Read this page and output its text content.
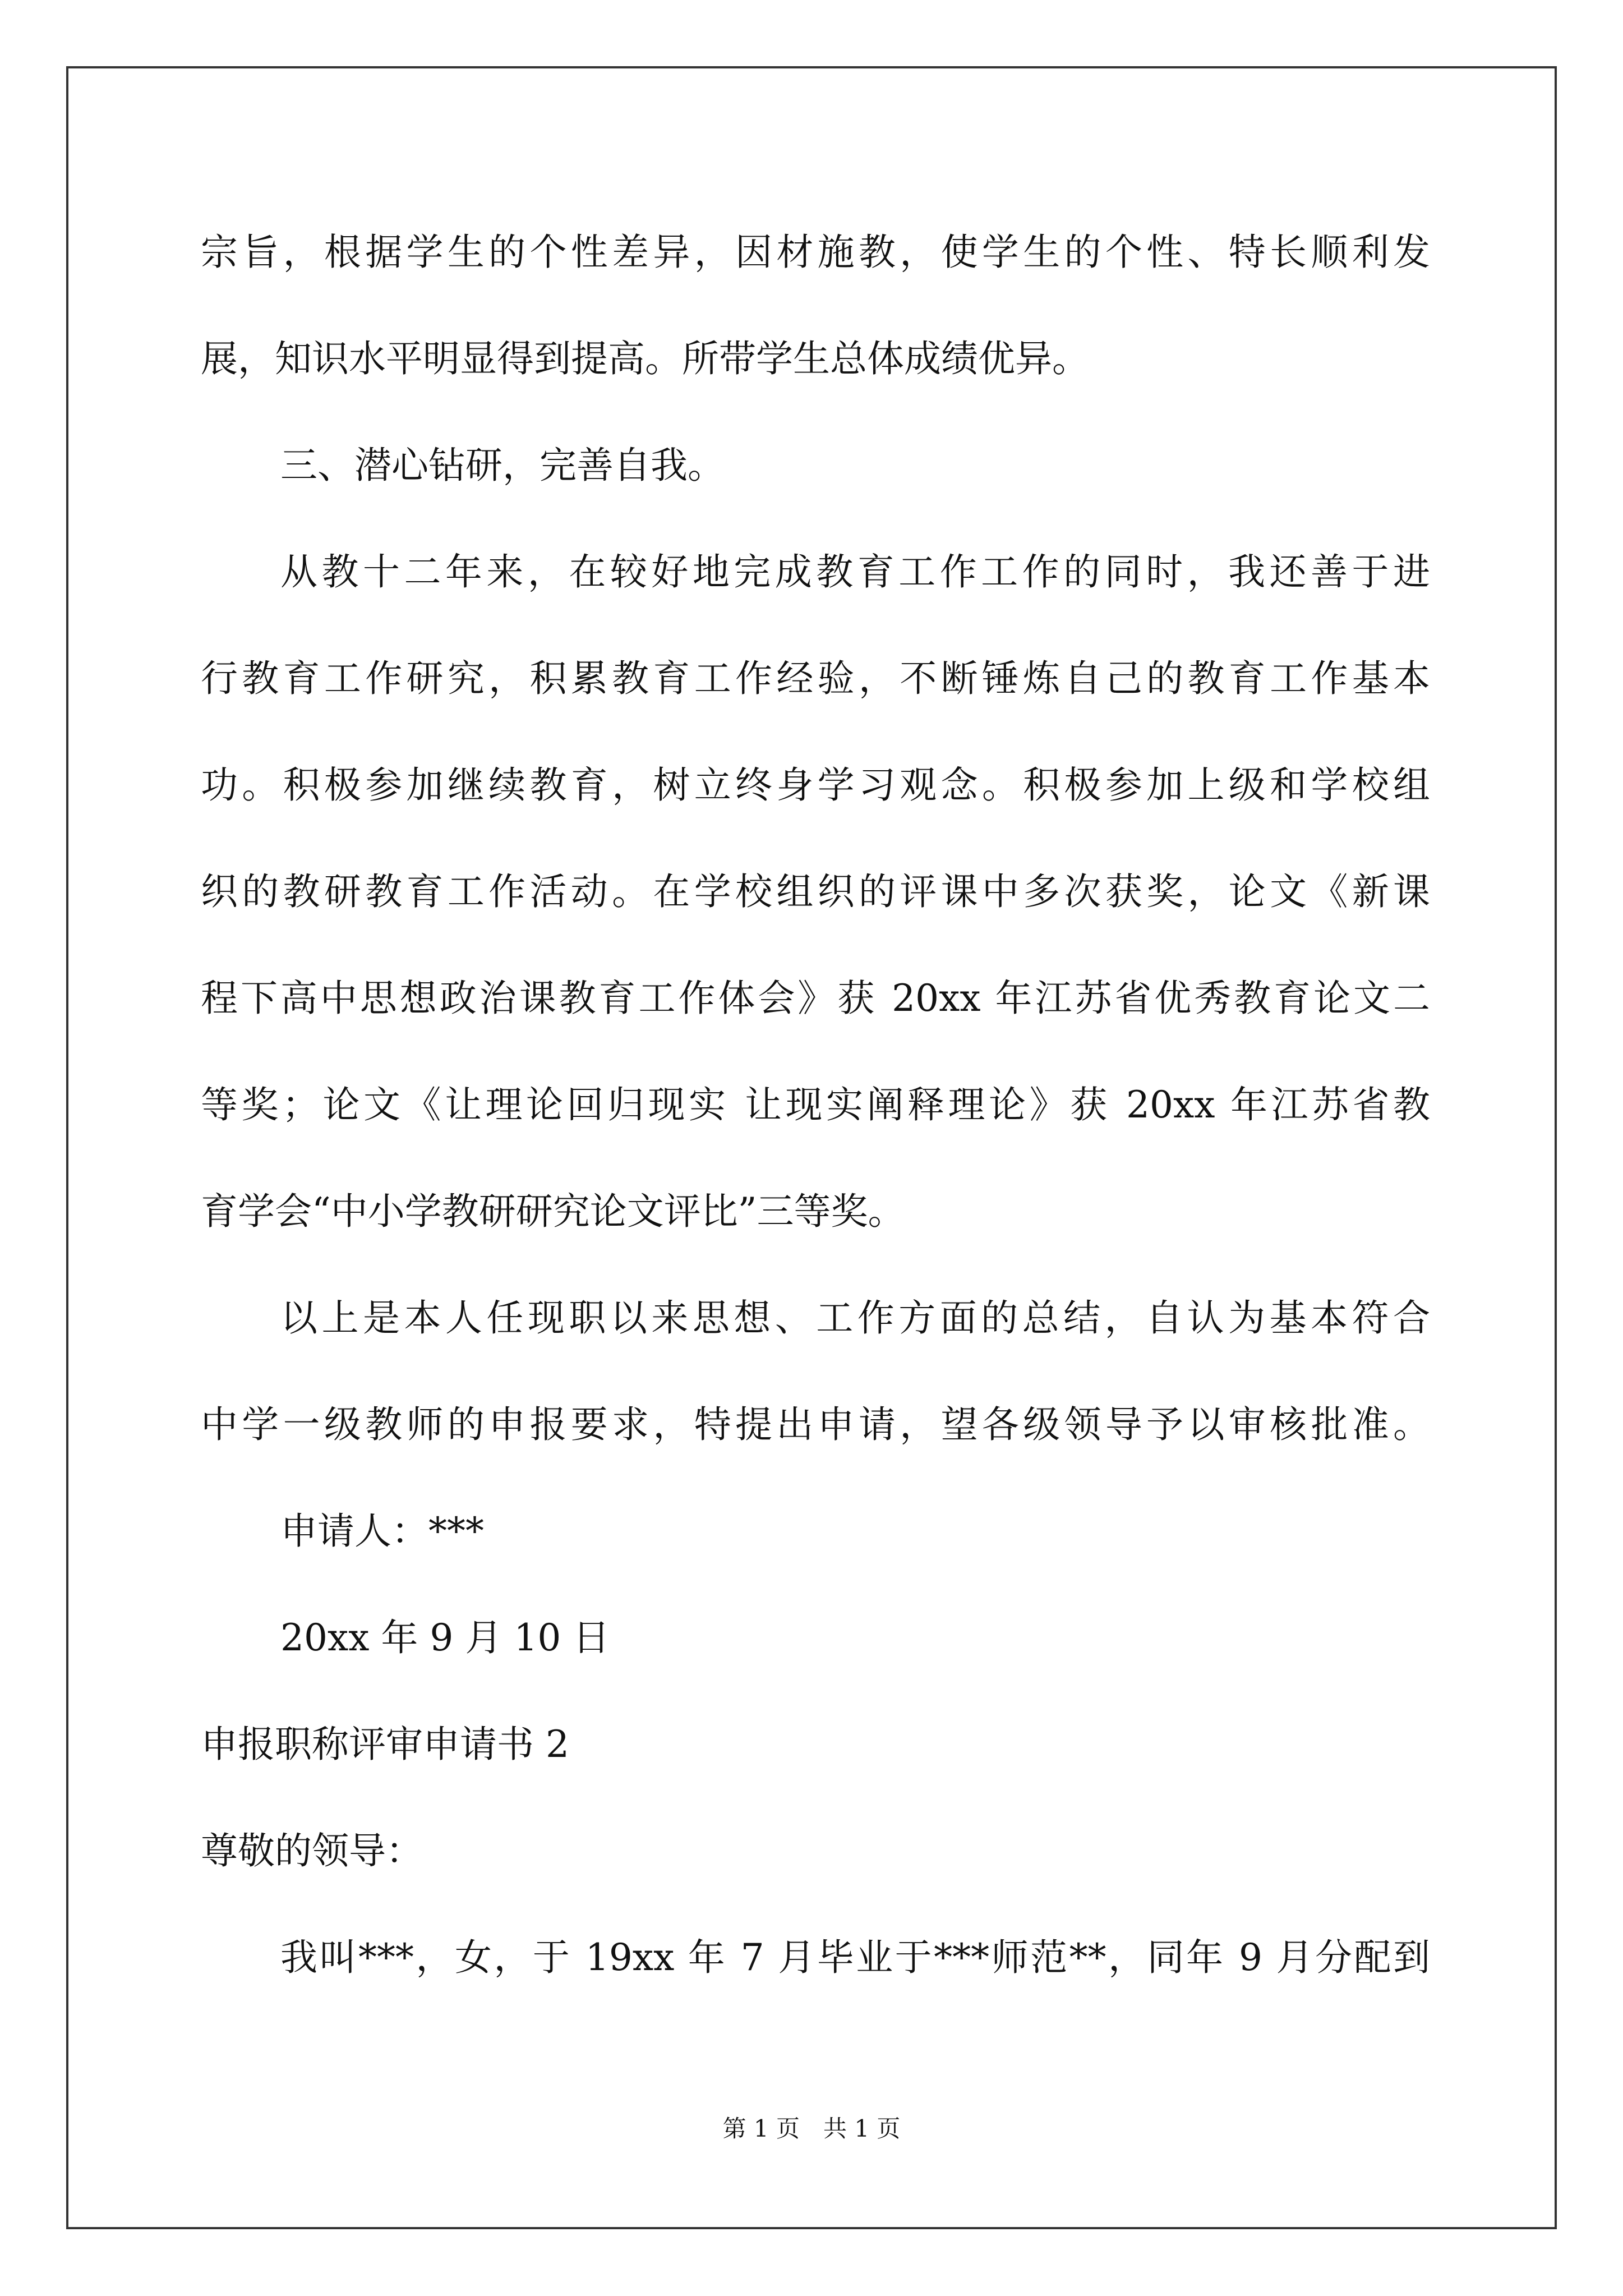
宗旨，根据学生的个性差异，因材施教，使学生的个性、特长顺利发
展，知识水平明显得到提高。所带学生总体成绩优异。
三、潜心钻研，完善自我。
从教十二年来，在较好地完成教育工作工作的同时，我还善于进
行教育工作研究，积累教育工作经验，不断锤炼自己的教育工作基本
功。积极参加继续教育，树立终身学习观念。积极参加上级和学校组
织的教研教育工作活动。在学校组织的评课中多次获奖，论文《新课
程下高中思想政治课教育工作体会》获 20xx 年江苏省优秀教育论文二
等奖；论文《让理论回归现实 让现实阐释理论》获 20xx 年江苏省教
育学会“中小学教研研究论文评比”三等奖。
以上是本人任现职以来思想、工作方面的总结，自认为基本符合
中学一级教师的申报要求，特提出申请，望各级领导予以审核批准。
申请人：***
20xx 年 9 月 10 日
申报职称评审申请书 2
尊敬的领导：
我叫***，女，于 19xx 年 7 月毕业于***师范**，同年 9 月分配到
第 1 页　共 1 页
